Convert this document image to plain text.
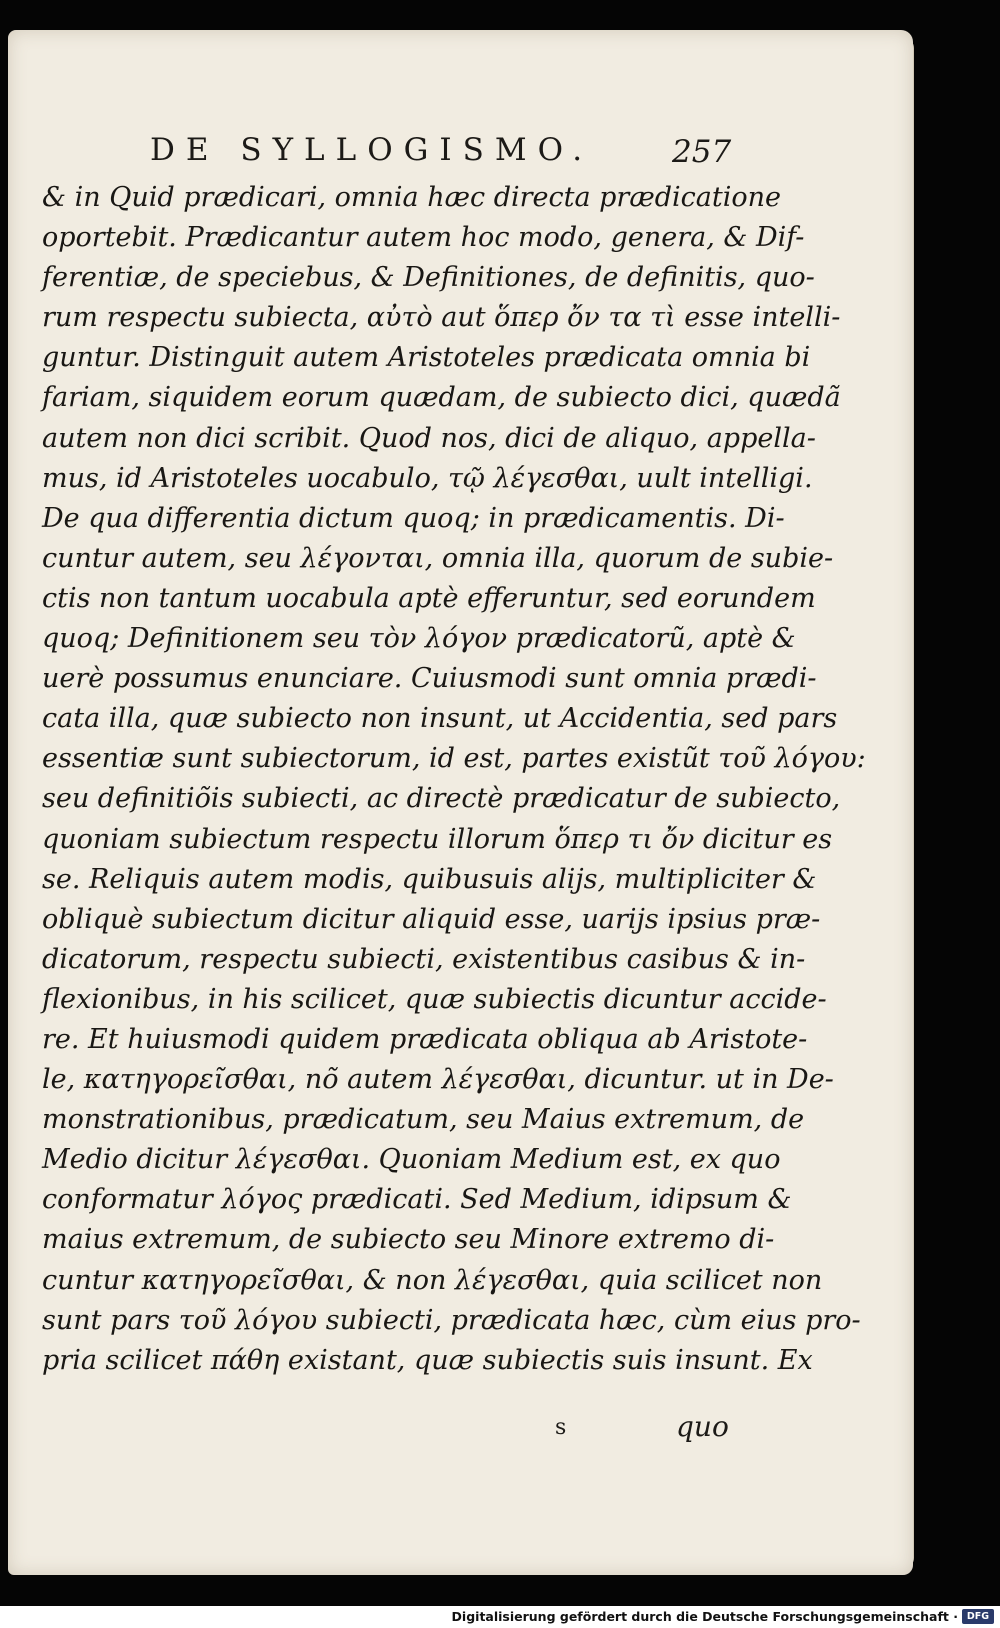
DE SYLLOGISMO.	257
& in Quid prædicari, omnia hæc directa prædicatione
oportebit. Prædicantur autem hoc modo, genera, & Dif-
ferentiæ, de speciebus, & Definitiones, de definitis, quo-
rum respectu subiecta, αὐτὸ aut ὅπερ ὄν τα τὶ esse intelli-
guntur. Distinguit autem Aristoteles prædicata omnia bi
fariam, siquidem eorum quædam, de subiecto dici, quædã
autem non dici scribit. Quod nos, dici de aliquo, appella-
mus, id Aristoteles uocabulo, τῷ λέγεσθαι, uult intelligi.
De qua differentia dictum quoq; in prædicamentis. Di-
cuntur autem, seu λέγονται, omnia illa, quorum de subie-
ctis non tantum uocabula aptè efferuntur, sed eorundem
quoq; Definitionem seu τὸν λόγον prædicatorũ, aptè &
uerè possumus enunciare. Cuiusmodi sunt omnia prædi-
cata illa, quæ subiecto non insunt, ut Accidentia, sed pars
essentiæ sunt subiectorum, id est, partes existũt τοῦ λόγου:
seu definitiõis subiecti, ac directè prædicatur de subiecto,
quoniam subiectum respectu illorum ὅπερ τι ὄν dicitur es
se. Reliquis autem modis, quibusuis alijs, multipliciter &
obliquè subiectum dicitur aliquid esse, uarijs ipsius præ-
dicatorum, respectu subiecti, existentibus casibus & in-
flexionibus, in his scilicet, quæ subiectis dicuntur accide-
re. Et huiusmodi quidem prædicata obliqua ab Aristote-
le, κατηγορεῖσθαι, nõ autem λέγεσθαι, dicuntur. ut in De-
monstrationibus, prædicatum, seu Maius extremum, de
Medio dicitur λέγεσθαι. Quoniam Medium est, ex quo
conformatur λόγος prædicati. Sed Medium, idipsum &
maius extremum, de subiecto seu Minore extremo di-
cuntur κατηγορεῖσθαι, & non λέγεσθαι, quia scilicet non
sunt pars τοῦ λόγου subiecti, prædicata hæc, cùm eius pro-
pria scilicet πάθη existant, quæ subiectis suis insunt. Ex
s	quo
Digitalisierung gefördert durch die Deutsche Forschungsgemeinschaft · DFG
